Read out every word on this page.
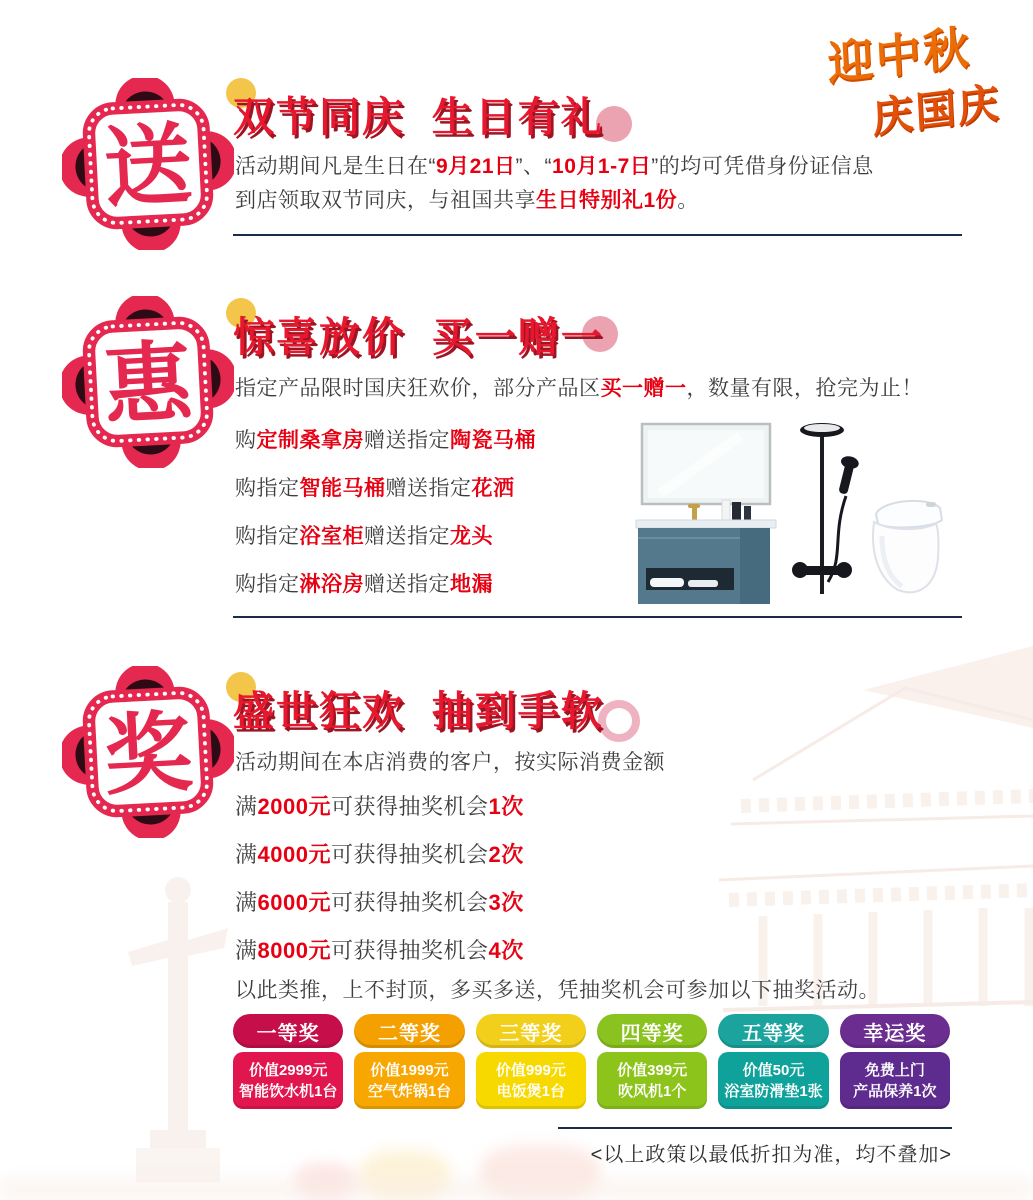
迎中秋
庆国庆
送 双节同庆  生日有礼
活动期间凡是生日在“9月21日”、“10月1-7日”的均可凭借身份证信息
到店领取双节同庆，与祖国共享生日特别礼1份。
惠 惊喜放价  买一赠一
指定产品限时国庆狂欢价，部分产品区买一赠一，数量有限，抢完为止！
购定制桑拿房赠送指定陶瓷马桶
购指定智能马桶赠送指定花洒
购指定浴室柜赠送指定龙头
购指定淋浴房赠送指定地漏
奖 盛世狂欢  抽到手软
活动期间在本店消费的客户，按实际消费金额
满2000元可获得抽奖机会1次
满4000元可获得抽奖机会2次
满6000元可获得抽奖机会3次
满8000元可获得抽奖机会4次
以此类推，上不封顶，多买多送，凭抽奖机会可参加以下抽奖活动。
一等奖
价值2999元
智能饮水机1台
二等奖
价值1999元
空气炸锅1台
三等奖
价值999元
电饭煲1台
四等奖
价值399元
吹风机1个
五等奖
价值50元
浴室防滑垫1张
幸运奖
免费上门
产品保养1次
<以上政策以最低折扣为准，均不叠加>
